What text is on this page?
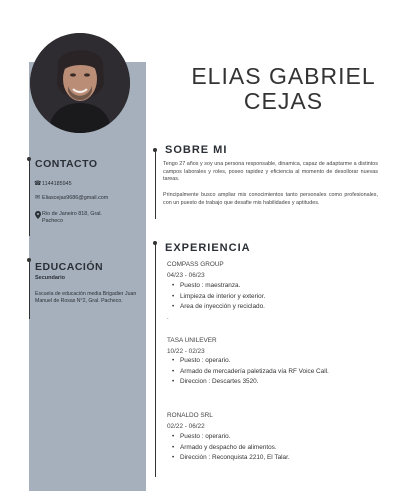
CONTACTO
☎ 1144185945
✉ Eliascejas9686@gmail.com
Rio de Janeiro 818, Gral. Pacheco
EDUCACIÓN
Secundario
Escuela de educación media Brigadier Juan Manuel de Rosas N°2, Gral. Pacheco.
ELIAS GABRIEL
CEJAS
SOBRE MI
Tengo 27 años y soy una persona responsable, dinamica, capaz de adaptarme a distintos campos laborales y roles, poseo rapidez y eficiencia al momento de desollorar nuevas tareas.
Principalmente busco ampliar mis conocimientos tanto personales como profesionales, con un puesto de trabajo que desafie mis habilidades y aptitudes.
EXPERIENCIA
COMPASS GROUP
04/23 - 06/23
• Puesto : maestranza.
• Limpieza de interior y exterior.
• Area de inyección y reciclado.
.
TASA UNILEVER
10/22 - 02/23
• Puesto : operario.
• Armado de mercadería paletizada vía RF Voice Call.
• Direccion : Descartes 3520.
RONALDO SRL
02/22 - 06/22
• Puesto : operario.
• Armado y despacho de alimentos.
• Dirección : Reconquista 2210, El Talar.
